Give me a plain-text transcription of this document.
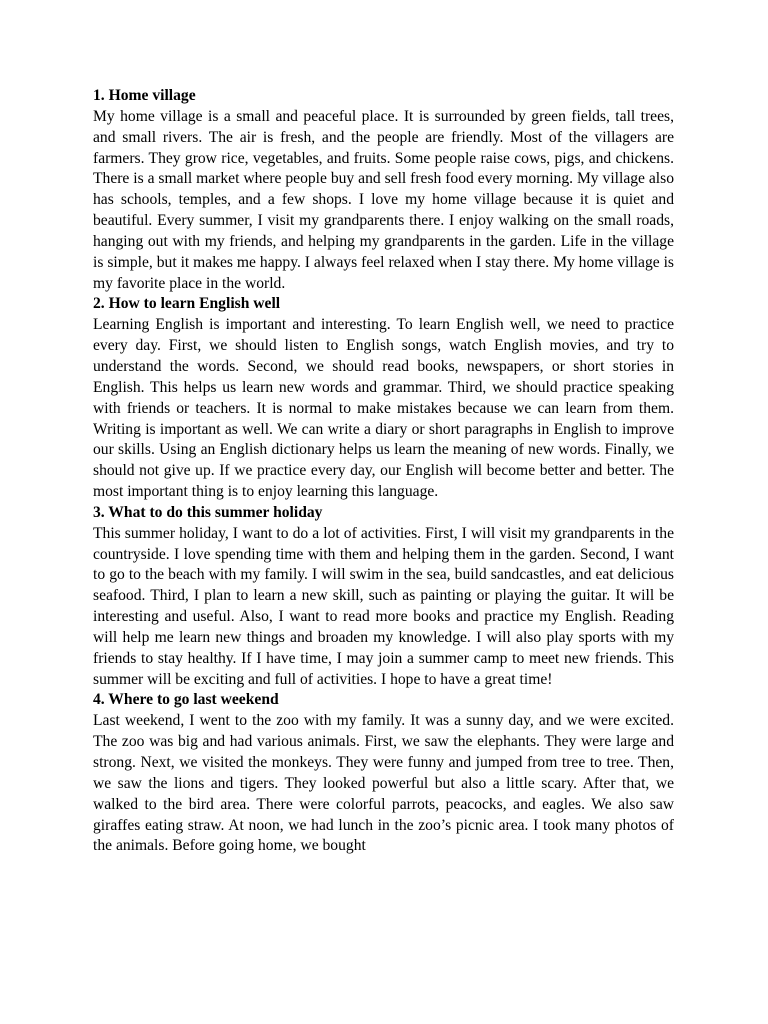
1. Home village

My home village is a small and peaceful place. It is surrounded by green fields, tall trees, and small rivers. The air is fresh, and the people are friendly. Most of the villagers are farmers. They grow rice, vegetables, and fruits. Some people raise cows, pigs, and chickens. There is a small market where people buy and sell fresh food every morning. My village also has schools, temples, and a few shops. I love my home village because it is quiet and beautiful. Every summer, I visit my grandparents there. I enjoy walking on the small roads, hanging out with my friends, and helping my grandparents in the garden. Life in the village is simple, but it makes me happy. I always feel relaxed when I stay there. My home village is my favorite place in the world.

2. How to learn English well

Learning English is important and interesting. To learn English well, we need to practice every day. First, we should listen to English songs, watch English movies, and try to understand the words. Second, we should read books, newspapers, or short stories in English. This helps us learn new words and grammar. Third, we should practice speaking with friends or teachers. It is normal to make mistakes because we can learn from them. Writing is important as well. We can write a diary or short paragraphs in English to improve our skills. Using an English dictionary helps us learn the meaning of new words. Finally, we should not give up. If we practice every day, our English will become better and better. The most important thing is to enjoy learning this language.

3. What to do this summer holiday

This summer holiday, I want to do a lot of activities. First, I will visit my grandparents in the countryside. I love spending time with them and helping them in the garden. Second, I want to go to the beach with my family. I will swim in the sea, build sandcastles, and eat delicious seafood. Third, I plan to learn a new skill, such as painting or playing the guitar. It will be interesting and useful. Also, I want to read more books and practice my English. Reading will help me learn new things and broaden my knowledge. I will also play sports with my friends to stay healthy. If I have time, I may join a summer camp to meet new friends. This summer will be exciting and full of activities. I hope to have a great time!

4. Where to go last weekend

Last weekend, I went to the zoo with my family. It was a sunny day, and we were excited. The zoo was big and had various animals. First, we saw the elephants. They were large and strong. Next, we visited the monkeys. They were funny and jumped from tree to tree. Then, we saw the lions and tigers. They looked powerful but also a little scary. After that, we walked to the bird area. There were colorful parrots, peacocks, and eagles. We also saw giraffes eating straw. At noon, we had lunch in the zoo’s picnic area. I took many photos of the animals. Before going home, we bought
